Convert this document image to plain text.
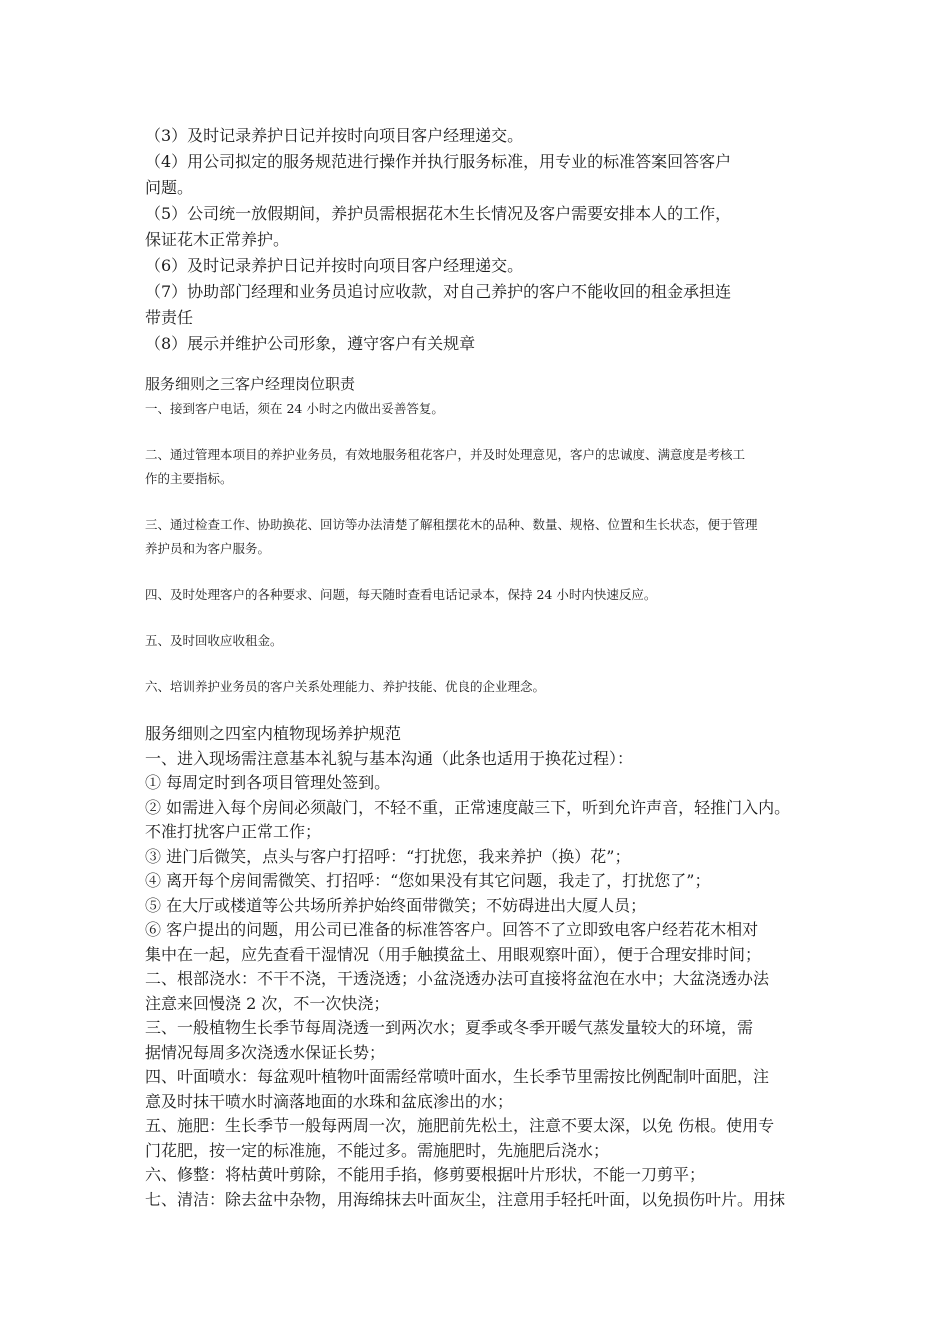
（3）及时记录养护日记并按时向项目客户经理递交。

（4）用公司拟定的服务规范进行操作并执行服务标准，用专业的标准答案回答客户

问题。

（5）公司统一放假期间，养护员需根据花木生长情况及客户需要安排本人的工作，

保证花木正常养护。

（6）及时记录养护日记并按时向项目客户经理递交。

（7）协助部门经理和业务员追讨应收款，对自己养护的客户不能收回的租金承担连

带责任

（8）展示并维护公司形象，遵守客户有关规章

服务细则之三客户经理岗位职责

一、接到客户电话，须在 24 小时之内做出妥善答复。

二、通过管理本项目的养护业务员，有效地服务租花客户，并及时处理意见，客户的忠诚度、满意度是考核工

作的主要指标。

三、通过检查工作、协助换花、回访等办法清楚了解租摆花木的品种、数量、规格、位置和生长状态，便于管理

养护员和为客户服务。

四、及时处理客户的各种要求、问题，每天随时查看电话记录本，保持 24 小时内快速反应。

五、及时回收应收租金。

六、培训养护业务员的客户关系处理能力、养护技能、优良的企业理念。

服务细则之四室内植物现场养护规范

一、进入现场需注意基本礼貌与基本沟通（此条也适用于换花过程）：

① 每周定时到各项目管理处签到。

② 如需进入每个房间必须敲门，不轻不重，正常速度敲三下，听到允许声音，轻推门入内。

不准打扰客户正常工作；

③ 进门后微笑，点头与客户打招呼：“打扰您，我来养护（换）花”；

④ 离开每个房间需微笑、打招呼：“您如果没有其它问题，我走了，打扰您了”；

⑤ 在大厅或楼道等公共场所养护始终面带微笑；不妨碍进出大厦人员；

⑥ 客户提出的问题，用公司已准备的标准答客户。回答不了立即致电客户经若花木相对

集中在一起，应先查看干湿情况（用手触摸盆土、用眼观察叶面），便于合理安排时间；

二、根部浇水：不干不浇，干透浇透；小盆浇透办法可直接将盆泡在水中；大盆浇透办法

注意来回慢浇 2 次，不一次快浇；

三、一般植物生长季节每周浇透一到两次水；夏季或冬季开暖气蒸发量较大的环境，需

据情况每周多次浇透水保证长势；

四、叶面喷水：每盆观叶植物叶面需经常喷叶面水，生长季节里需按比例配制叶面肥，注

意及时抹干喷水时滴落地面的水珠和盆底渗出的水；

五、施肥：生长季节一般每两周一次，施肥前先松土，注意不要太深，以免 伤根。使用专

门花肥，按一定的标准施，不能过多。需施肥时，先施肥后浇水；

六、修整：将枯黄叶剪除，不能用手掐，修剪要根据叶片形状，不能一刀剪平；

七、清洁：除去盆中杂物，用海绵抹去叶面灰尘，注意用手轻托叶面，以免损伤叶片。用抹
